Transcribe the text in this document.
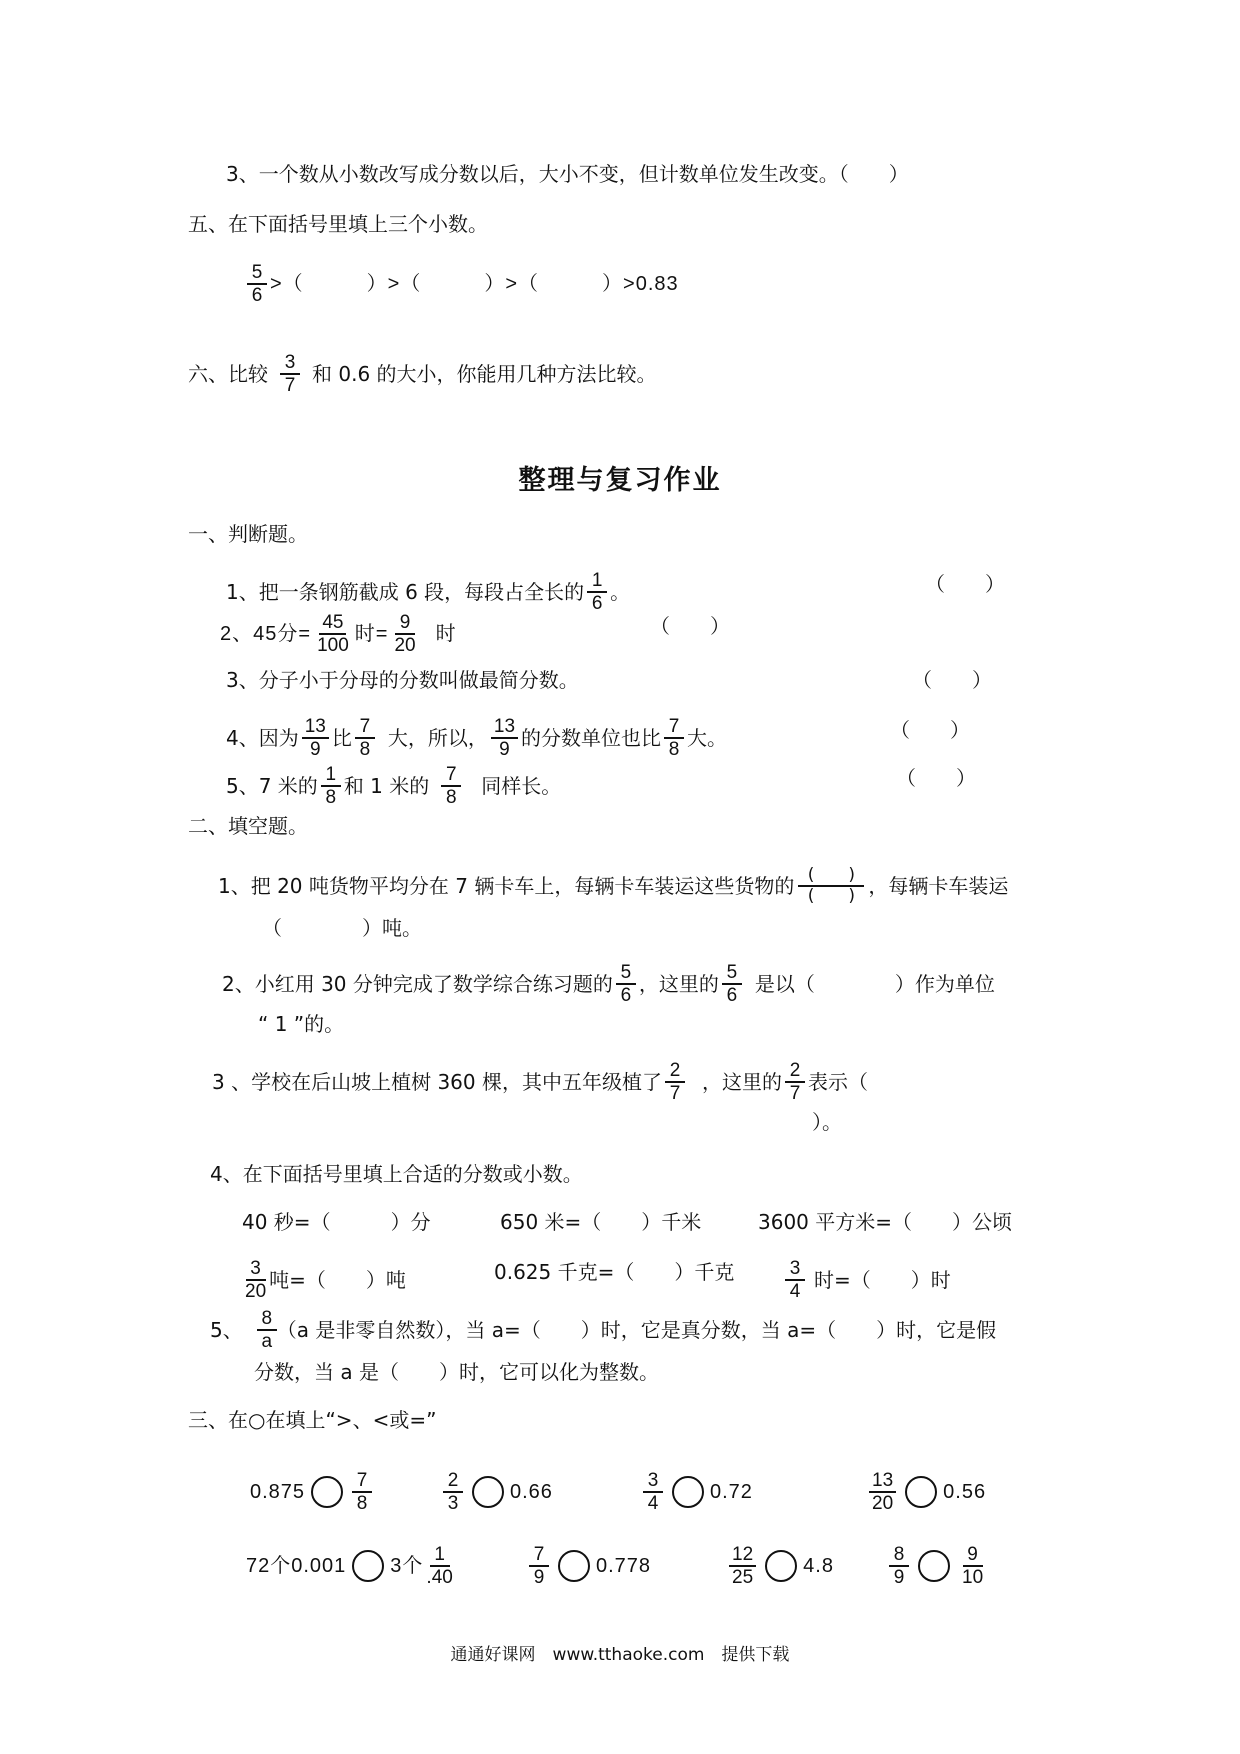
3、一个数从小数改写成分数以后，大小不变，但计数单位发生改变。（　　）
五、在下面括号里填上三个小数。
$\frac{5}{6}$ >（　　　）>（　　　）>（　　　）>0.83
六、比较 $\frac{3}{7}$ 和 0.6 的大小，你能用几种方法比较。
整理与复习作业
一、判断题。
1、把一条钢筋截成 6 段，每段占全长的 $\frac{1}{6}$ 。	（　　）
2、45分= $\frac{45}{100}$ 时= $\frac{9}{20}$ 时	（　　）
3、分子小于分母的分数叫做最简分数。	（　　）
4、因为 $\frac{13}{9}$ 比 $\frac{7}{8}$ 大，所以， $\frac{13}{9}$ 的分数单位也比 $\frac{7}{8}$ 大。	（　　）
5、7 米的 $\frac{1}{8}$ 和 1 米的 $\frac{7}{8}$ 同样长。	（　　）
二、填空题。
1、把 20 吨货物平均分在 7 辆卡车上，每辆卡车装运这些货物的 $\frac{( )}{( )}$ ，每辆卡车装运
（　　　　）吨。
2、小红用 30 分钟完成了数学综合练习题的 $\frac{5}{6}$ ，这里的 $\frac{5}{6}$ 是以（　　　　）作为单位
“ 1 ”的。
3 、学校在后山坡上植树 360 棵，其中五年级植了 $\frac{2}{7}$ ，这里的 $\frac{2}{7}$ 表示（
）。
4、在下面括号里填上合适的分数或小数。
40 秒=（　　　）分	650 米=（　　）千米	3600 平方米=（　　）公顷
$\frac{3}{20}$ 吨=（　　）吨	0.625 千克=（　　）千克	$\frac{3}{4}$ 时=（　　）时
5、 $\frac{8}{a} (a$ 是非零自然数），当 a=（　　）时，它是真分数，当 a=（　　）时，它是假
分数，当 a 是（　　）时，它可以化为整数。
三、在○在填上“>、<或=”
$0.875 \frac{7}{8}$	$\frac{2}{3} 0.66$	$\frac{3}{4} 0.72$	$\frac{13}{20} 0.56$
72个0.001 3个 $\frac{1}{.40}$	$\frac{7}{9} 0.778$	$\frac{12}{25} 4.8$	$\frac{8}{9}$	$\frac{9}{10}$
通通好课网　www.tthaoke.com　提供下载
